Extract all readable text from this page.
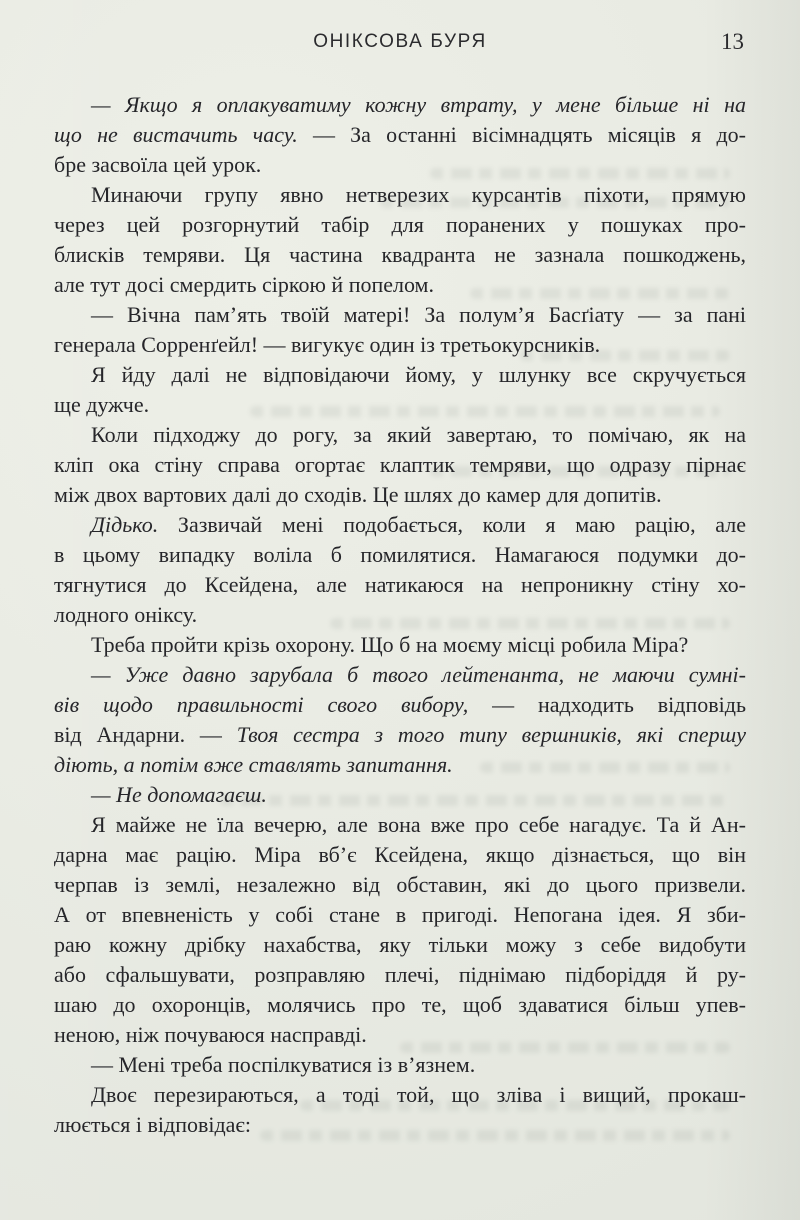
ОНІКСОВА БУРЯ	13
— Якщо я оплакуватиму кожну втрату, у мене більше ні на
що не вистачить часу. — За останні вісімнадцять місяців я до-
бре засвоїла цей урок.
Минаючи групу явно нетверезих курсантів піхоти, прямую
через цей розгорнутий табір для поранених у пошуках про-
блисків темряви. Ця частина квадранта не зазнала пошкоджень,
але тут досі смердить сіркою й попелом.
— Вічна пам’ять твоїй матері! За полум’я Басґіату — за пані
генерала Сорренґейл! — вигукує один із третьокурсників.
Я йду далі не відповідаючи йому, у шлунку все скручується
ще дужче.
Коли підходжу до рогу, за який завертаю, то помічаю, як на
кліп ока стіну справа огортає клаптик темряви, що одразу пірнає
між двох вартових далі до сходів. Це шлях до камер для допитів.
Дідько. Зазвичай мені подобається, коли я маю рацію, але
в цьому випадку воліла б помилятися. Намагаюся подумки до-
тягнутися до Ксейдена, але натикаюся на непроникну стіну хо-
лодного оніксу.
Треба пройти крізь охорону. Що б на моєму місці робила Міра?
— Уже давно зарубала б твого лейтенанта, не маючи сумні-
вів щодо правильності свого вибору, — надходить відповідь
від Андарни. — Твоя сестра з того типу вершників, які спершу
діють, а потім вже ставлять запитання.
— Не допомагаєш.
Я майже не їла вечерю, але вона вже про себе нагадує. Та й Ан-
дарна має рацію. Міра вб’є Ксейдена, якщо дізнається, що він
черпав із землі, незалежно від обставин, які до цього призвели.
А от впевненість у собі стане в пригоді. Непогана ідея. Я зби-
раю кожну дрібку нахабства, яку тільки можу з себе видобути
або сфальшувати, розправляю плечі, піднімаю підборіддя й ру-
шаю до охоронців, молячись про те, щоб здаватися більш упев-
неною, ніж почуваюся насправді.
— Мені треба поспілкуватися із в’язнем.
Двоє перезираються, а тоді той, що зліва і вищий, прокаш-
люється і відповідає:
